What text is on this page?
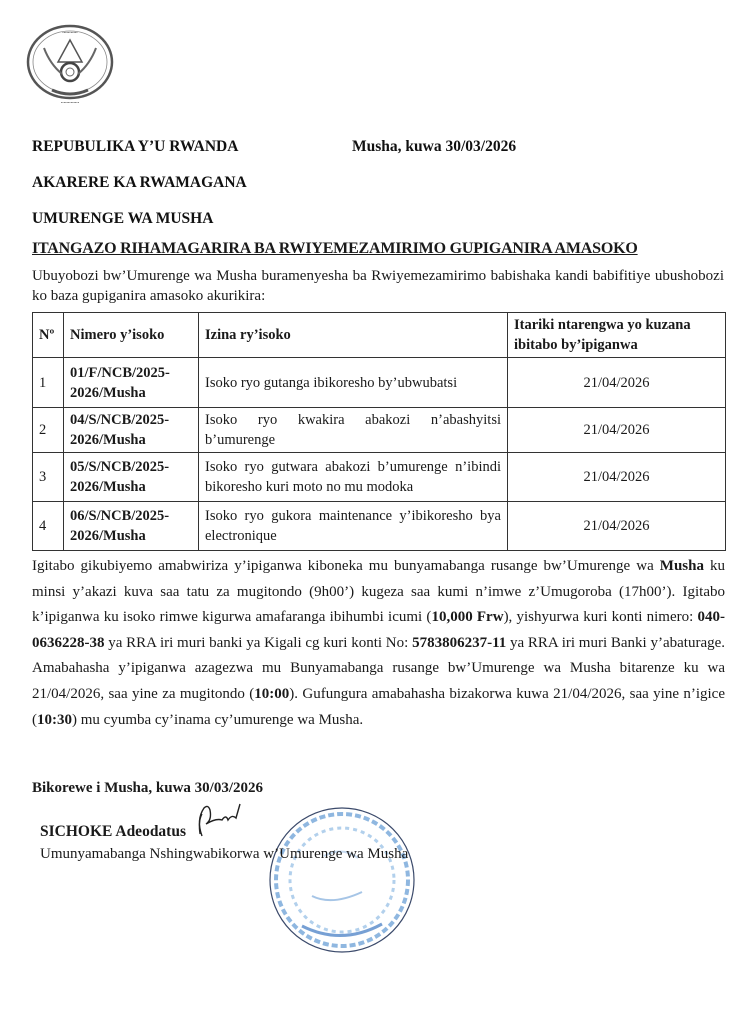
•••••••••••
•••••••••••••
REPUBULIKA Y’U RWANDA	Musha, kuwa 30/03/2026
AKARERE KA RWAMAGANA
UMURENGE WA MUSHA
ITANGAZO RIHAMAGARIRA BA RWIYEMEZAMIRIMO GUPIGANIRA AMASOKO
Ubuyobozi bw’Umurenge wa Musha buramenyesha ba Rwiyemezamirimo babishaka kandi babifitiye ubushobozi ko baza gupiganira amasoko akurikira:
Nº	Nimero y’isoko	Izina ry’isoko	Itariki ntarengwa yo kuzana ibitabo by’ipiganwa
1	01/F/NCB/2025-2026/Musha	Isoko ryo gutanga ibikoresho by’ubwubatsi	21/04/2026
2	04/S/NCB/2025-2026/Musha	Isoko ryo kwakira abakozi n’abashyitsi b’umurenge	21/04/2026
3	05/S/NCB/2025-2026/Musha	Isoko ryo gutwara abakozi b’umurenge n’ibindi bikoresho kuri moto no mu modoka	21/04/2026
4	06/S/NCB/2025-2026/Musha	Isoko ryo gukora maintenance y’ibikoresho bya electronique	21/04/2026
Igitabo gikubiyemo amabwiriza y’ipiganwa kiboneka mu bunyamabanga rusange bw’Umurenge wa Musha ku minsi y’akazi kuva saa tatu za mugitondo (9h00’) kugeza saa kumi n’imwe z’Umugoroba (17h00’). Igitabo k’ipiganwa ku isoko rimwe kigurwa amafaranga ibihumbi icumi (10,000 Frw), yishyurwa kuri konti nimero: 040-0636228-38 ya RRA iri muri banki ya Kigali cg kuri konti No: 5783806237-11 ya RRA iri muri Banki y’abaturage. Amabahasha y’ipiganwa azagezwa mu Bunyamabanga rusange bw’Umurenge wa Musha bitarenze ku wa 21/04/2026, saa yine za mugitondo (10:00). Gufungura amabahasha bizakorwa kuwa 21/04/2026, saa yine n’igice (10:30) mu cyumba cy’inama cy’umurenge wa Musha.
Bikorewe i Musha, kuwa 30/03/2026
SICHOKE Adeodatus
Umunyamabanga Nshingwabikorwa w’Umurenge wa Musha
